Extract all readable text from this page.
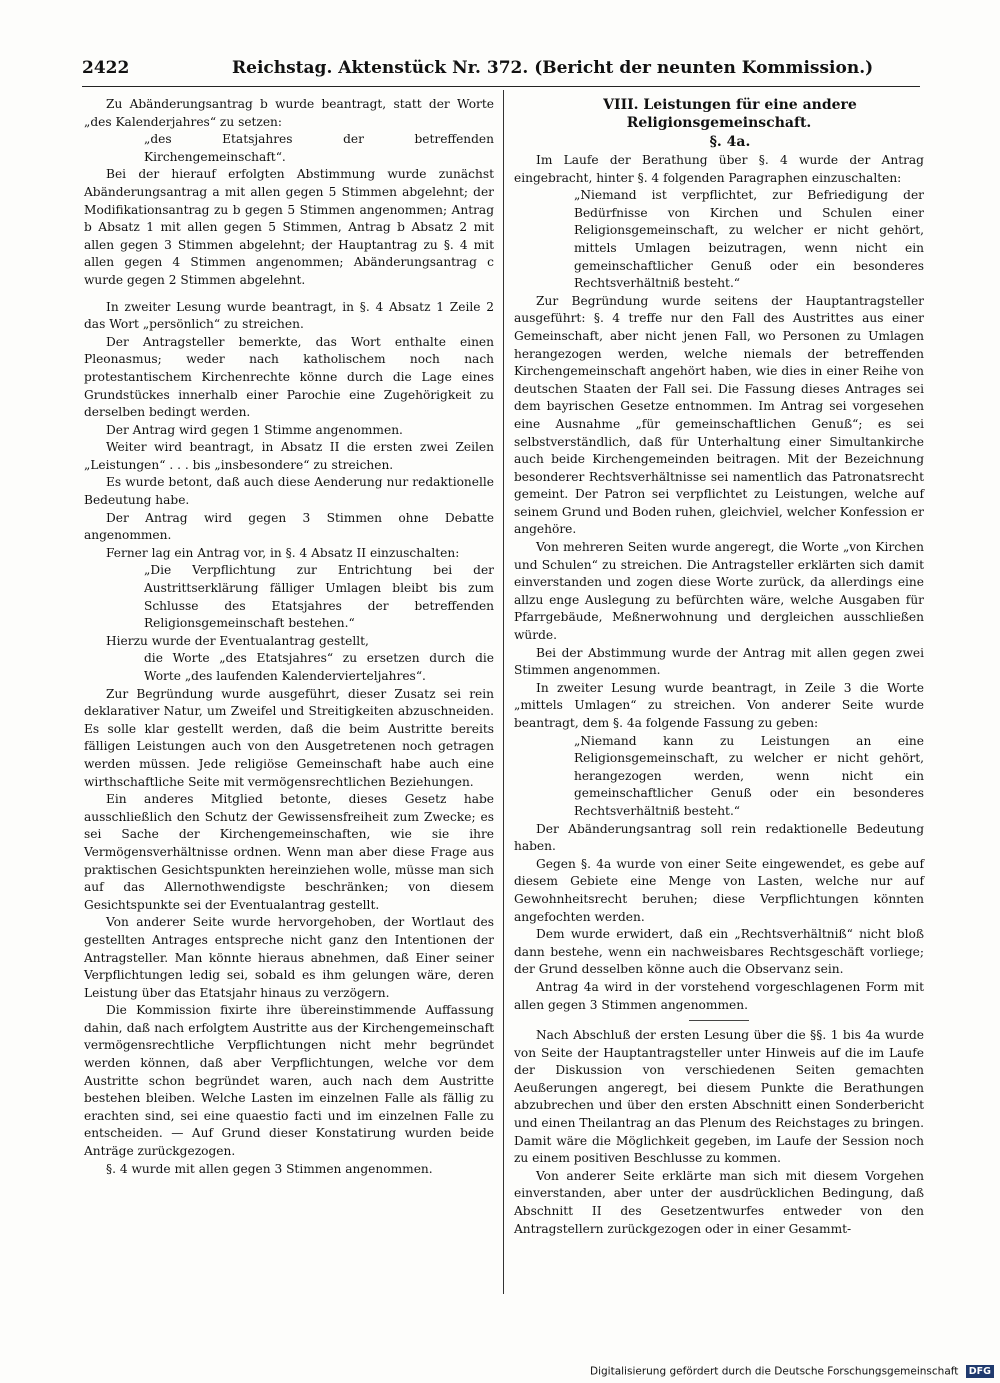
2422	Reichstag. Aktenstück Nr. 372. (Bericht der neunten Kommission.)

Zu Abänderungsantrag b wurde beantragt, statt der Worte „des Kalenderjahres“ zu setzen:

„des Etatsjahres der betreffenden Kirchengemeinschaft“.

Bei der hierauf erfolgten Abstimmung wurde zunächst Abänderungsantrag a mit allen gegen 5 Stimmen abgelehnt; der Modifikationsantrag zu b gegen 5 Stimmen angenommen; Antrag b Absatz 1 mit allen gegen 5 Stimmen, Antrag b Absatz 2 mit allen gegen 3 Stimmen abgelehnt; der Hauptantrag zu §. 4 mit allen gegen 4 Stimmen angenommen; Abänderungsantrag c wurde gegen 2 Stimmen abgelehnt.

In zweiter Lesung wurde beantragt, in §. 4 Absatz 1 Zeile 2 das Wort „persönlich“ zu streichen.

Der Antragsteller bemerkte, das Wort enthalte einen Pleonasmus; weder nach katholischem noch nach protestantischem Kirchenrechte könne durch die Lage eines Grundstückes innerhalb einer Parochie eine Zugehörigkeit zu derselben bedingt werden.

Der Antrag wird gegen 1 Stimme angenommen.

Weiter wird beantragt, in Absatz II die ersten zwei Zeilen „Leistungen“ . . . bis „insbesondere“ zu streichen.

Es wurde betont, daß auch diese Aenderung nur redaktionelle Bedeutung habe.

Der Antrag wird gegen 3 Stimmen ohne Debatte angenommen.

Ferner lag ein Antrag vor, in §. 4 Absatz II einzuschalten:

„Die Verpflichtung zur Entrichtung bei der Austrittserklärung fälliger Umlagen bleibt bis zum Schlusse des Etatsjahres der betreffenden Religionsgemeinschaft bestehen.“

Hierzu wurde der Eventualantrag gestellt,

die Worte „des Etatsjahres“ zu ersetzen durch die Worte „des laufenden Kalendervierteljahres“.

Zur Begründung wurde ausgeführt, dieser Zusatz sei rein deklarativer Natur, um Zweifel und Streitigkeiten abzuschneiden. Es solle klar gestellt werden, daß die beim Austritte bereits fälligen Leistungen auch von den Ausgetretenen noch getragen werden müssen. Jede religiöse Gemeinschaft habe auch eine wirthschaftliche Seite mit vermögensrechtlichen Beziehungen.

Ein anderes Mitglied betonte, dieses Gesetz habe ausschließlich den Schutz der Gewissensfreiheit zum Zwecke; es sei Sache der Kirchengemeinschaften, wie sie ihre Vermögensverhältnisse ordnen. Wenn man aber diese Frage aus praktischen Gesichtspunkten hereinziehen wolle, müsse man sich auf das Allernothwendigste beschränken; von diesem Gesichtspunkte sei der Eventualantrag gestellt.

Von anderer Seite wurde hervorgehoben, der Wortlaut des gestellten Antrages entspreche nicht ganz den Intentionen der Antragsteller. Man könnte hieraus abnehmen, daß Einer seiner Verpflichtungen ledig sei, sobald es ihm gelungen wäre, deren Leistung über das Etatsjahr hinaus zu verzögern.

Die Kommission fixirte ihre übereinstimmende Auffassung dahin, daß nach erfolgtem Austritte aus der Kirchengemeinschaft vermögensrechtliche Verpflichtungen nicht mehr begründet werden können, daß aber Verpflichtungen, welche vor dem Austritte schon begründet waren, auch nach dem Austritte bestehen bleiben. Welche Lasten im einzelnen Falle als fällig zu erachten sind, sei eine quaestio facti und im einzelnen Falle zu entscheiden. — Auf Grund dieser Konstatirung wurden beide Anträge zurückgezogen.

§. 4 wurde mit allen gegen 3 Stimmen angenommen.

VIII. Leistungen für eine andere Religionsgemeinschaft.

§. 4a.

Im Laufe der Berathung über §. 4 wurde der Antrag eingebracht, hinter §. 4 folgenden Paragraphen einzuschalten:

„Niemand ist verpflichtet, zur Befriedigung der Bedürfnisse von Kirchen und Schulen einer Religionsgemeinschaft, zu welcher er nicht gehört, mittels Umlagen beizutragen, wenn nicht ein gemeinschaftlicher Genuß oder ein besonderes Rechtsverhältniß besteht.“

Zur Begründung wurde seitens der Hauptantragsteller ausgeführt: §. 4 treffe nur den Fall des Austrittes aus einer Gemeinschaft, aber nicht jenen Fall, wo Personen zu Umlagen herangezogen werden, welche niemals der betreffenden Kirchengemeinschaft angehört haben, wie dies in einer Reihe von deutschen Staaten der Fall sei. Die Fassung dieses Antrages sei dem bayrischen Gesetze entnommen. Im Antrag sei vorgesehen eine Ausnahme „für gemeinschaftlichen Genuß“; es sei selbstverständlich, daß für Unterhaltung einer Simultankirche auch beide Kirchengemeinden beitragen. Mit der Bezeichnung besonderer Rechtsverhältnisse sei namentlich das Patronatsrecht gemeint. Der Patron sei verpflichtet zu Leistungen, welche auf seinem Grund und Boden ruhen, gleichviel, welcher Konfession er angehöre.

Von mehreren Seiten wurde angeregt, die Worte „von Kirchen und Schulen“ zu streichen. Die Antragsteller erklärten sich damit einverstanden und zogen diese Worte zurück, da allerdings eine allzu enge Auslegung zu befürchten wäre, welche Ausgaben für Pfarrgebäude, Meßnerwohnung und dergleichen ausschließen würde.

Bei der Abstimmung wurde der Antrag mit allen gegen zwei Stimmen angenommen.

In zweiter Lesung wurde beantragt, in Zeile 3 die Worte „mittels Umlagen“ zu streichen. Von anderer Seite wurde beantragt, dem §. 4a folgende Fassung zu geben:

„Niemand kann zu Leistungen an eine Religionsgemeinschaft, zu welcher er nicht gehört, herangezogen werden, wenn nicht ein gemeinschaftlicher Genuß oder ein besonderes Rechtsverhältniß besteht.“

Der Abänderungsantrag soll rein redaktionelle Bedeutung haben.

Gegen §. 4a wurde von einer Seite eingewendet, es gebe auf diesem Gebiete eine Menge von Lasten, welche nur auf Gewohnheitsrecht beruhen; diese Verpflichtungen könnten angefochten werden.

Dem wurde erwidert, daß ein „Rechtsverhältniß“ nicht bloß dann bestehe, wenn ein nachweisbares Rechtsgeschäft vorliege; der Grund desselben könne auch die Observanz sein.

Antrag 4a wird in der vorstehend vorgeschlagenen Form mit allen gegen 3 Stimmen angenommen.

Nach Abschluß der ersten Lesung über die §§. 1 bis 4a wurde von Seite der Hauptantragsteller unter Hinweis auf die im Laufe der Diskussion von verschiedenen Seiten gemachten Aeußerungen angeregt, bei diesem Punkte die Berathungen abzubrechen und über den ersten Abschnitt einen Sonderbericht und einen Theilantrag an das Plenum des Reichstages zu bringen. Damit wäre die Möglichkeit gegeben, im Laufe der Session noch zu einem positiven Beschlusse zu kommen.

Von anderer Seite erklärte man sich mit diesem Vorgehen einverstanden, aber unter der ausdrücklichen Bedingung, daß Abschnitt II des Gesetzentwurfes entweder von den Antragstellern zurückgezogen oder in einer Gesammt-

Digitalisierung gefördert durch die Deutsche Forschungsgemeinschaft DFG
